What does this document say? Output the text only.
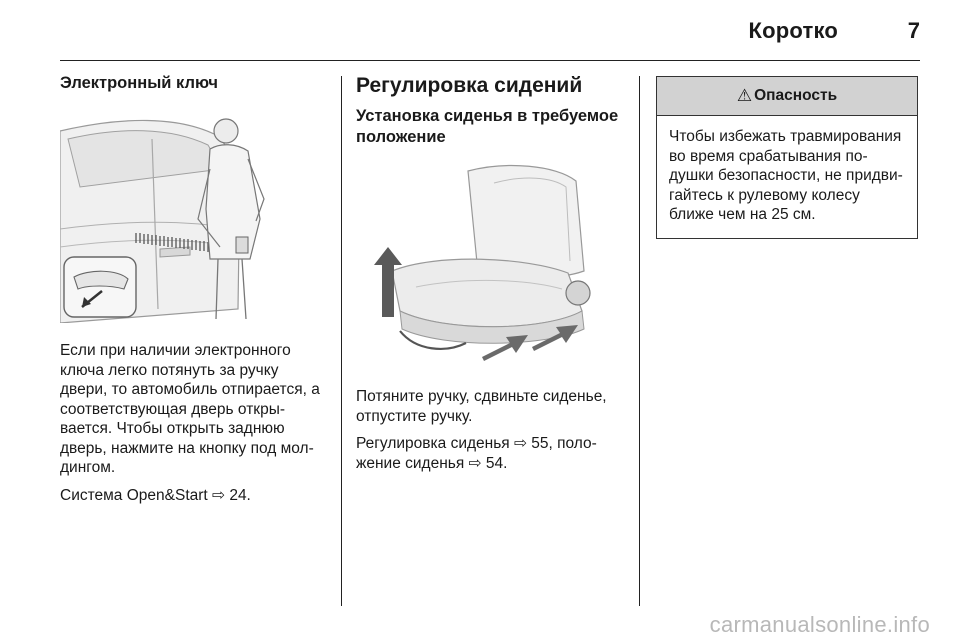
Коротко	7
Электронный ключ

Если при наличии электронного ключа легко потянуть за ручку двери, то автомобиль отпирается, а соответствующая дверь откры-вается. Чтобы открыть заднюю дверь, нажмите на кнопку под мол-дингом.

Система Open&Start ⇨ 24.

Регулировка сидений
Установка сиденья в требуемое положение

Потяните ручку, сдвиньте сиденье, отпустите ручку.

Регулировка сиденья ⇨ 55, поло-жение сиденья ⇨ 54.

⚠ Опасность
Чтобы избежать травмирования во время срабатывания по-душки безопасности, не придви-гайтесь к рулевому колесу ближе чем на 25 см.
carmanualsonline.info
